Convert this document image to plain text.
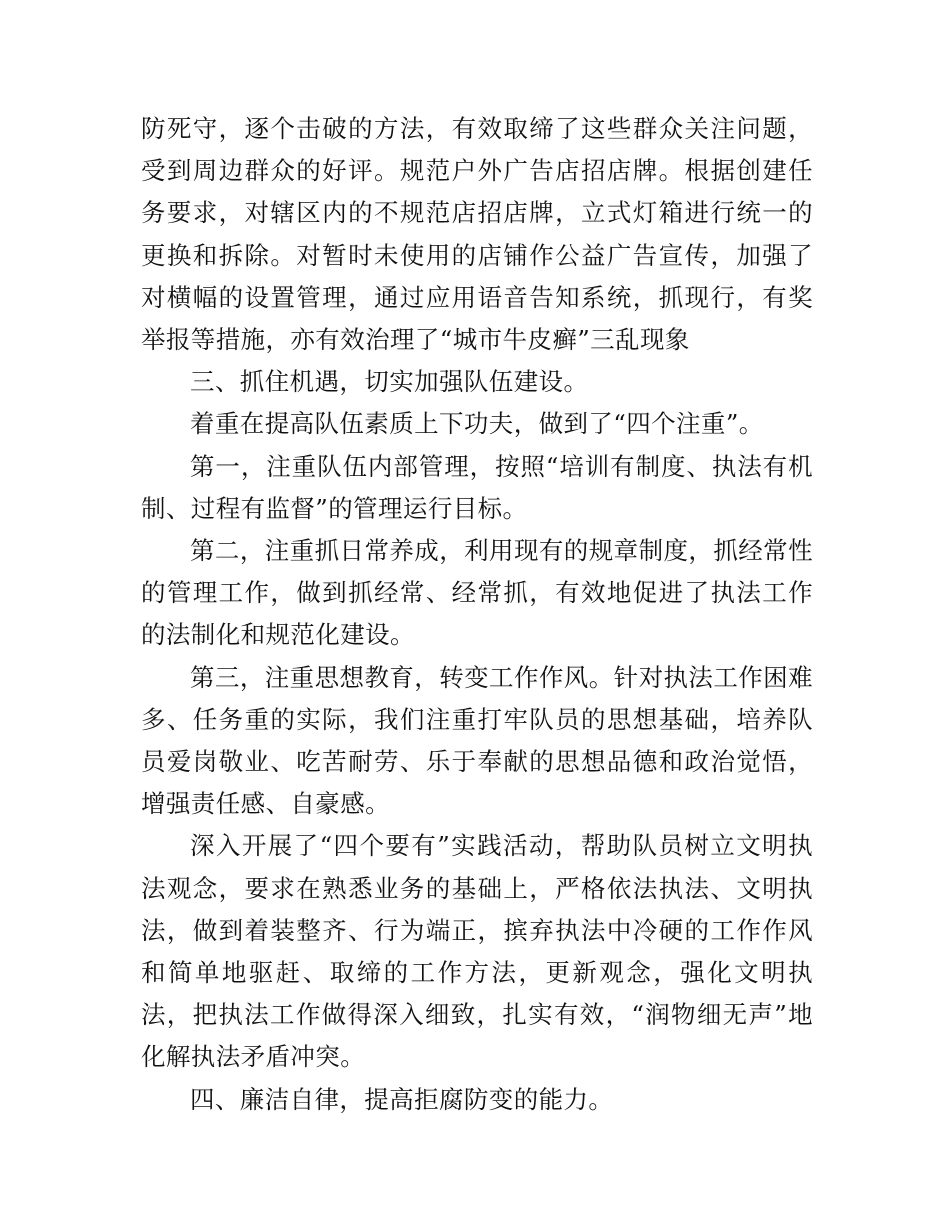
防死守，逐个击破的方法，有效取缔了这些群众关注问题，受到周边群众的好评。规范户外广告店招店牌。根据创建任务要求，对辖区内的不规范店招店牌，立式灯箱进行统一的更换和拆除。对暂时未使用的店铺作公益广告宣传，加强了对横幅的设置管理，通过应用语音告知系统，抓现行，有奖举报等措施，亦有效治理了“城市牛皮癣”三乱现象

三、抓住机遇，切实加强队伍建设。

着重在提高队伍素质上下功夫，做到了“四个注重”。

第一，注重队伍内部管理，按照“培训有制度、执法有机制、过程有监督”的管理运行目标。

第二，注重抓日常养成，利用现有的规章制度，抓经常性的管理工作，做到抓经常、经常抓，有效地促进了执法工作的法制化和规范化建设。

第三，注重思想教育，转变工作作风。针对执法工作困难多、任务重的实际，我们注重打牢队员的思想基础，培养队员爱岗敬业、吃苦耐劳、乐于奉献的思想品德和政治觉悟，增强责任感、自豪感。

深入开展了“四个要有”实践活动，帮助队员树立文明执法观念，要求在熟悉业务的基础上，严格依法执法、文明执法，做到着装整齐、行为端正，摈弃执法中冷硬的工作作风和简单地驱赶、取缔的工作方法，更新观念，强化文明执法，把执法工作做得深入细致，扎实有效，“润物细无声”地化解执法矛盾冲突。

四、廉洁自律，提高拒腐防变的能力。
